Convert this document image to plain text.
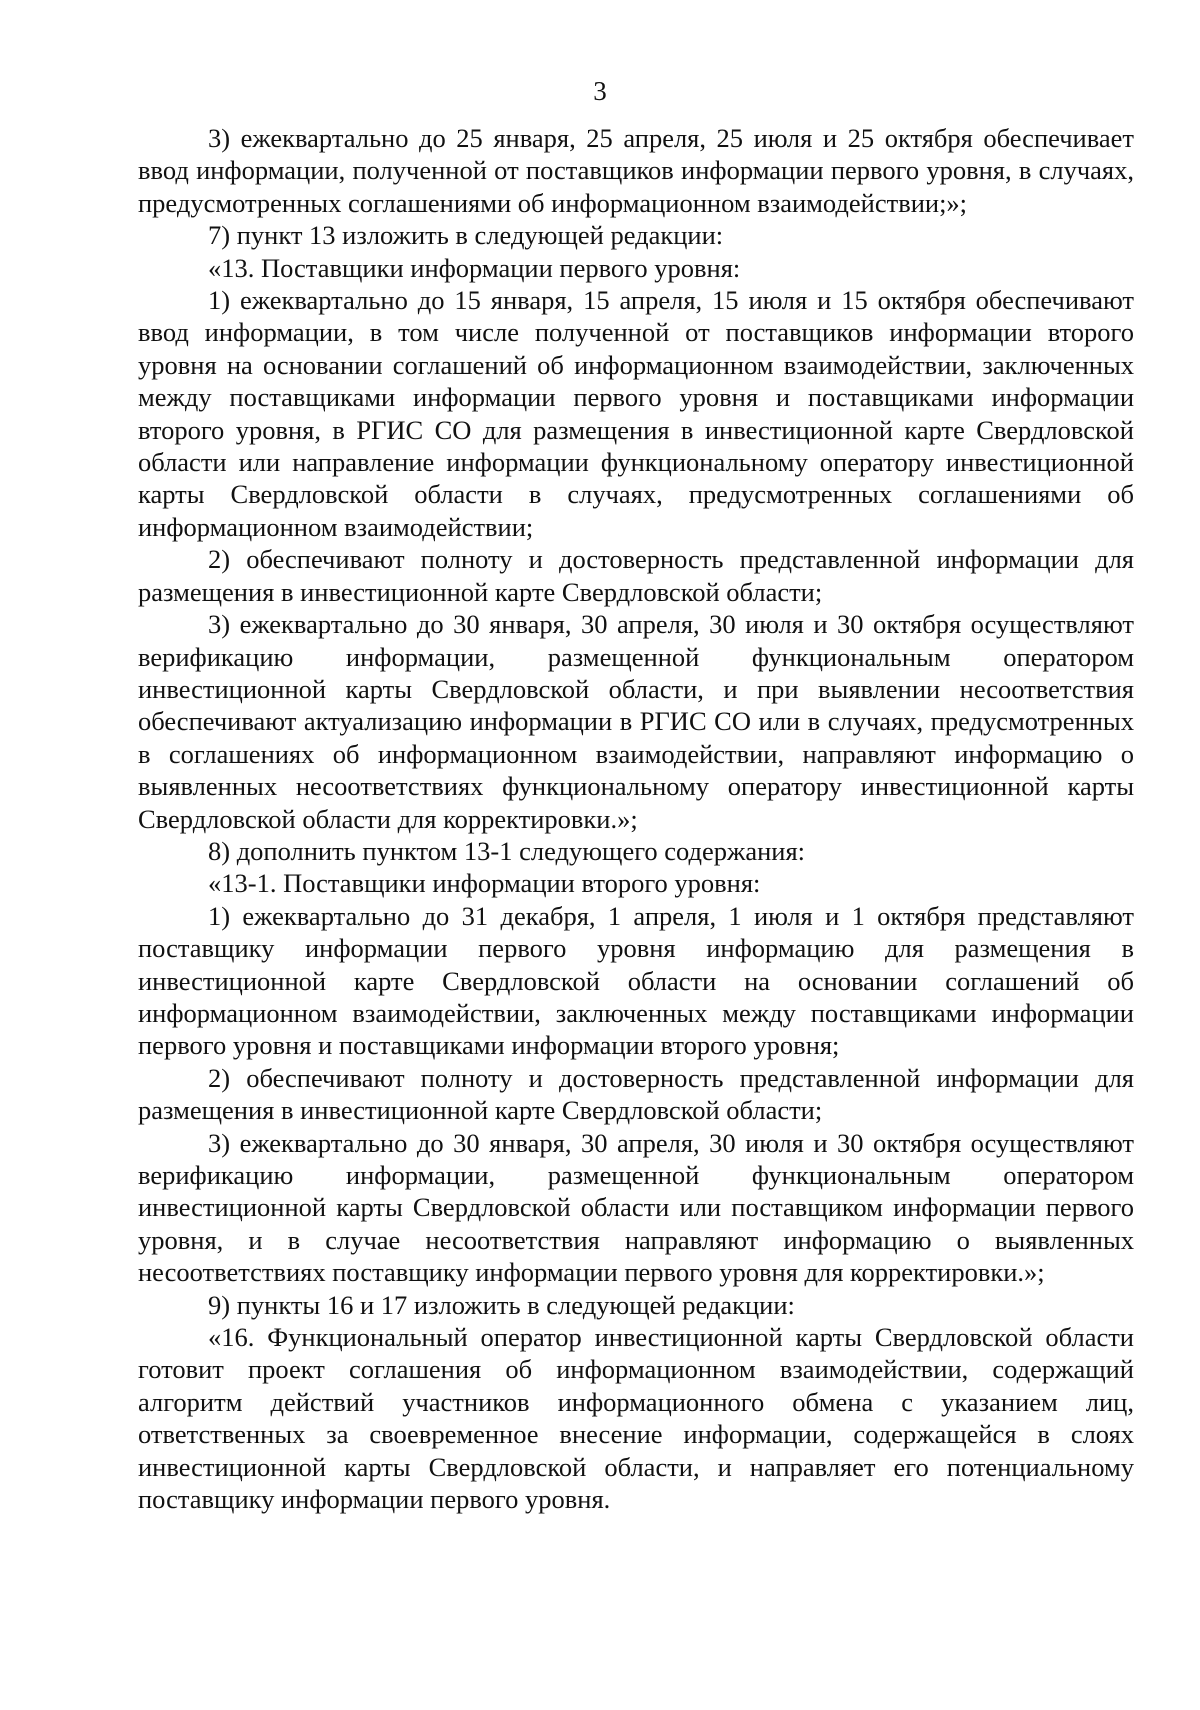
3

3) ежеквартально до 25 января, 25 апреля, 25 июля и 25 октября обеспечивает ввод информации, полученной от поставщиков информации первого уровня, в случаях, предусмотренных соглашениями об информационном взаимодействии;»;

7) пункт 13 изложить в следующей редакции:

«13. Поставщики информации первого уровня:

1) ежеквартально до 15 января, 15 апреля, 15 июля и 15 октября обеспечивают ввод информации, в том числе полученной от поставщиков информации второго уровня на основании соглашений об информационном взаимодействии, заключенных между поставщиками информации первого уровня и поставщиками информации второго уровня, в РГИС СО для размещения в инвестиционной карте Свердловской области или направление информации функциональному оператору инвестиционной карты Свердловской области в случаях, предусмотренных соглашениями об информационном взаимодействии;

2) обеспечивают полноту и достоверность представленной информации для размещения в инвестиционной карте Свердловской области;

3) ежеквартально до 30 января, 30 апреля, 30 июля и 30 октября осуществляют верификацию информации, размещенной функциональным оператором инвестиционной карты Свердловской области, и при выявлении несоответствия обеспечивают актуализацию информации в РГИС СО или в случаях, предусмотренных в соглашениях об информационном взаимодействии, направляют информацию о выявленных несоответствиях функциональному оператору инвестиционной карты Свердловской области для корректировки.»;

8) дополнить пунктом 13-1 следующего содержания:

«13-1. Поставщики информации второго уровня:

1) ежеквартально до 31 декабря, 1 апреля, 1 июля и 1 октября представляют поставщику информации первого уровня информацию для размещения в инвестиционной карте Свердловской области на основании соглашений об информационном взаимодействии, заключенных между поставщиками информации первого уровня и поставщиками информации второго уровня;

2) обеспечивают полноту и достоверность представленной информации для размещения в инвестиционной карте Свердловской области;

3) ежеквартально до 30 января, 30 апреля, 30 июля и 30 октября осуществляют верификацию информации, размещенной функциональным оператором инвестиционной карты Свердловской области или поставщиком информации первого уровня, и в случае несоответствия направляют информацию о выявленных несоответствиях поставщику информации первого уровня для корректировки.»;

9) пункты 16 и 17 изложить в следующей редакции:

«16. Функциональный оператор инвестиционной карты Свердловской области готовит проект соглашения об информационном взаимодействии, содержащий алгоритм действий участников информационного обмена с указанием лиц, ответственных за своевременное внесение информации, содержащейся в слоях инвестиционной карты Свердловской области, и направляет его потенциальному поставщику информации первого уровня.
